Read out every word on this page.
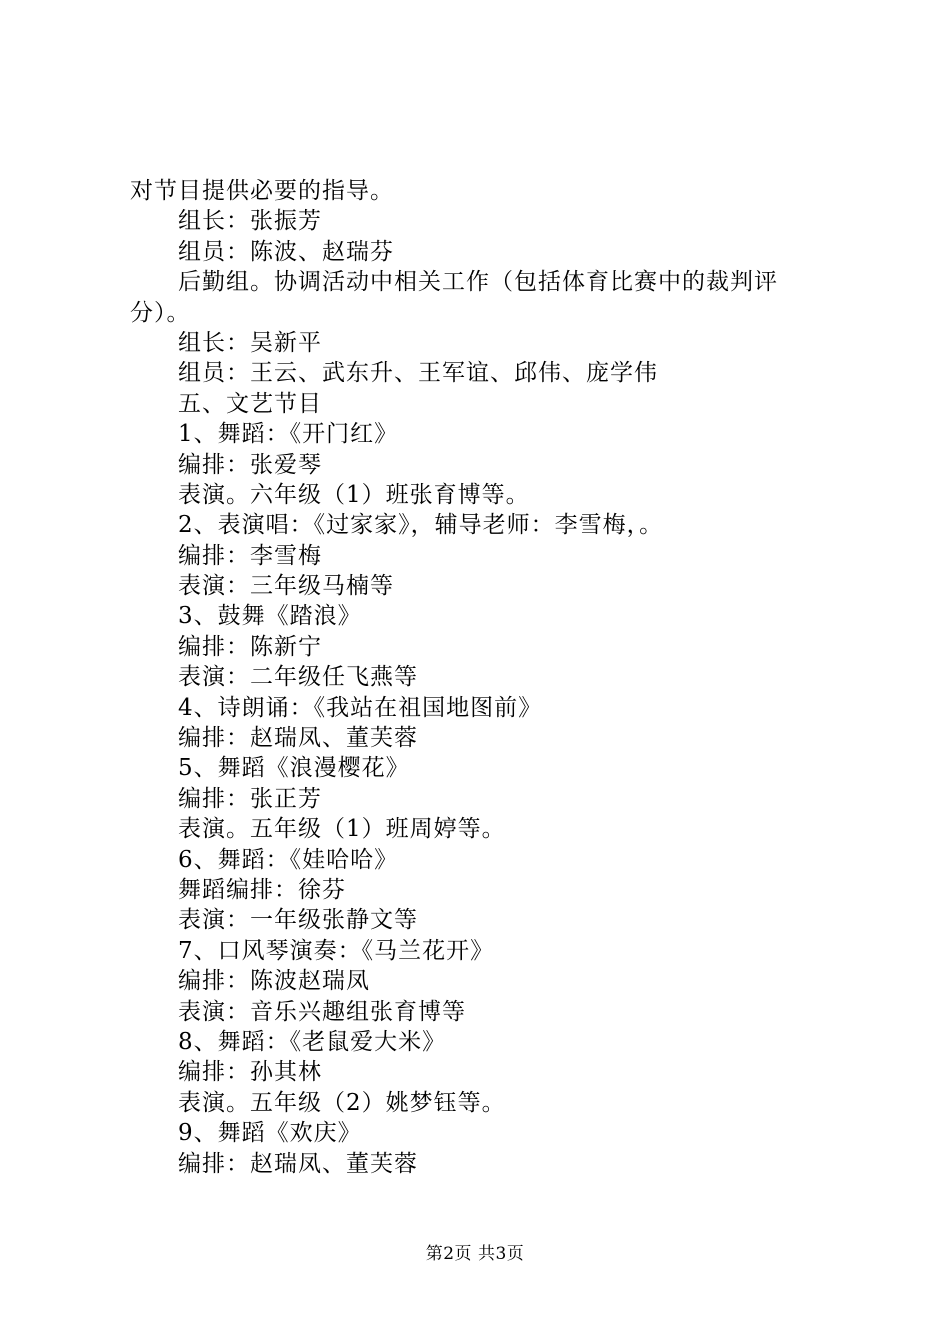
对节目提供必要的指导。
组长：张振芳
组员：陈波、赵瑞芬
后勤组。协调活动中相关工作（包括体育比赛中的裁判评
分）。
组长：吴新平
组员：王云、武东升、王军谊、邱伟、庞学伟
五、文艺节目
1、舞蹈：《开门红》
编排：张爱琴
表演。六年级（1）班张育博等。
2、表演唱：《过家家》，辅导老师：李雪梅，。
编排：李雪梅
表演：三年级马楠等
3、鼓舞《踏浪》
编排：陈新宁
表演：二年级任飞燕等
4、诗朗诵：《我站在祖国地图前》
编排：赵瑞凤、董芙蓉
5、舞蹈《浪漫樱花》
编排：张正芳
表演。五年级（1）班周婷等。
6、舞蹈：《娃哈哈》
舞蹈编排：徐芬
表演：一年级张静文等
7、口风琴演奏：《马兰花开》
编排：陈波赵瑞凤
表演：音乐兴趣组张育博等
8、舞蹈：《老鼠爱大米》
编排：孙其林
表演。五年级（2）姚梦钰等。
9、舞蹈《欢庆》
编排：赵瑞凤、董芙蓉
第2页 共3页
